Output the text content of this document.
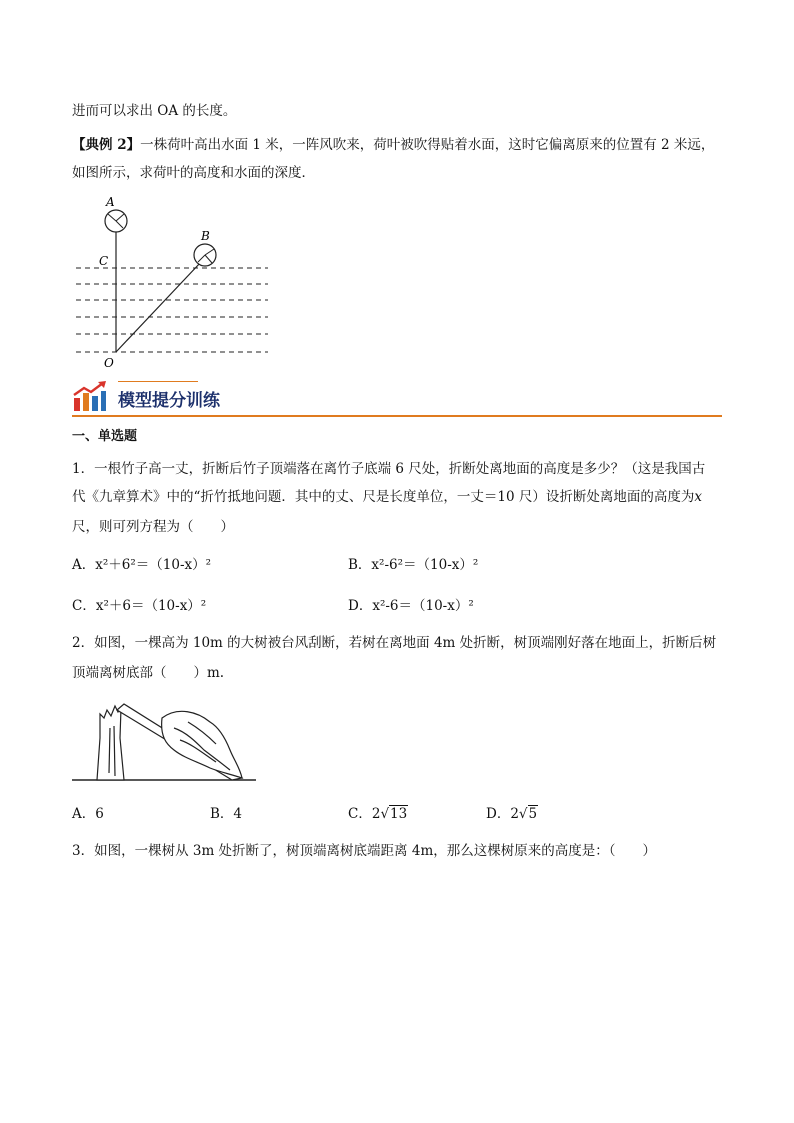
进而可以求出 OA 的长度。
【典例 2】一株荷叶高出水面 1 米，一阵风吹来，荷叶被吹得贴着水面，这时它偏离原来的位置有 2 米远，
如图所示，求荷叶的高度和水面的深度．
A
B
C
O
模型提分训练
一、单选题
1．一根竹子高一丈，折断后竹子顶端落在离竹子底端 6 尺处，折断处离地面的高度是多少？（这是我国古
代《九章算术》中的“折竹抵地问题．其中的丈、尺是长度单位，一丈＝10 尺）设折断处离地面的高度为x
尺，则可列方程为（　　）
A．x²＋6²＝（10-x）²	B．x²-6²＝（10-x）²
C．x²＋6＝（10-x）²	D．x²-6＝（10-x）²
2．如图，一棵高为 10m 的大树被台风刮断，若树在离地面 4m 处折断，树顶端刚好落在地面上，折断后树
顶端离树底部（　　）m.
A．6	B．4	C．2√13	D．2√5
3．如图，一棵树从 3m 处折断了，树顶端离树底端距离 4m，那么这棵树原来的高度是：（　　）
